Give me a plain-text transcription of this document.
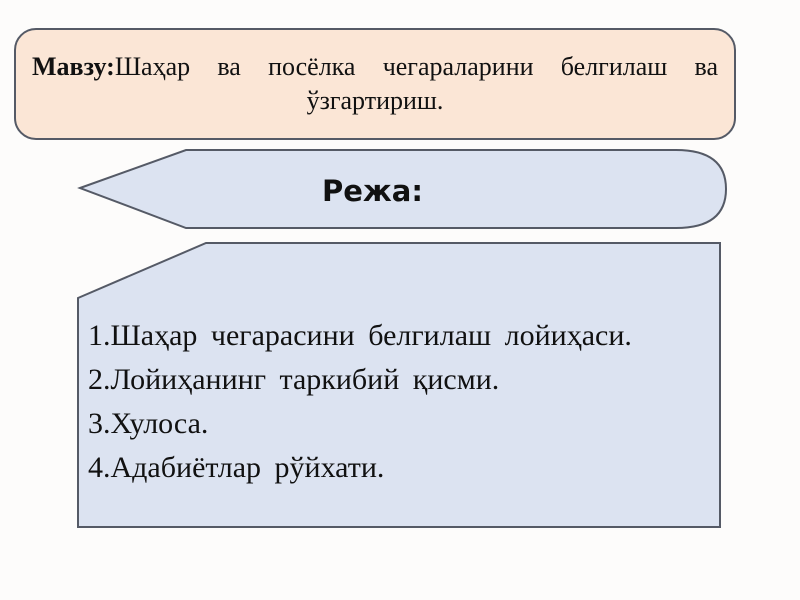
Мавзу:Шаҳар ва посёлка чегараларини белгилаш ва ўзгартириш.
Режа:
1.Шаҳар чегарасини белгилаш лойиҳаси.
2.Лойиҳанинг таркибий қисми.
3.Хулоса.
4.Адабиётлар рўйхати.
